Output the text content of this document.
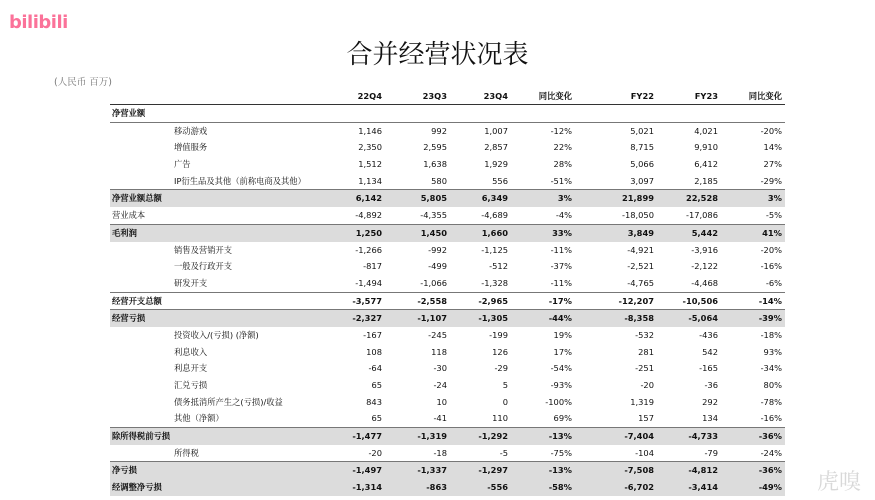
bilibili
合并经营状况表
(人民币 百万)
22Q4	23Q3	23Q4	同比变化	FY22	FY23	同比变化
净营业额
移动游戏	1,146	992	1,007	-12%	5,021	4,021	-20%
增值服务	2,350	2,595	2,857	22%	8,715	9,910	14%
广告	1,512	1,638	1,929	28%	5,066	6,412	27%
IP衍生品及其他（前称电商及其他）	1,134	580	556	-51%	3,097	2,185	-29%
净营业额总额	6,142	5,805	6,349	3%	21,899	22,528	3%
营业成本	-4,892	-4,355	-4,689	-4%	-18,050	-17,086	-5%
毛利润	1,250	1,450	1,660	33%	3,849	5,442	41%
销售及营销开支	-1,266	-992	-1,125	-11%	-4,921	-3,916	-20%
一般及行政开支	-817	-499	-512	-37%	-2,521	-2,122	-16%
研发开支	-1,494	-1,066	-1,328	-11%	-4,765	-4,468	-6%
经营开支总额	-3,577	-2,558	-2,965	-17%	-12,207	-10,506	-14%
经营亏损	-2,327	-1,107	-1,305	-44%	-8,358	-5,064	-39%
投资收入/(亏损) (净额)	-167	-245	-199	19%	-532	-436	-18%
利息收入	108	118	126	17%	281	542	93%
利息开支	-64	-30	-29	-54%	-251	-165	-34%
汇兑亏损	65	-24	5	-93%	-20	-36	80%
债务抵消所产生之(亏损)/收益	843	10	0	-100%	1,319	292	-78%
其他（净额）	65	-41	110	69%	157	134	-16%
除所得税前亏损	-1,477	-1,319	-1,292	-13%	-7,404	-4,733	-36%
所得税	-20	-18	-5	-75%	-104	-79	-24%
净亏损	-1,497	-1,337	-1,297	-13%	-7,508	-4,812	-36%
经调整净亏损	-1,314	-863	-556	-58%	-6,702	-3,414	-49% 虎嗅
